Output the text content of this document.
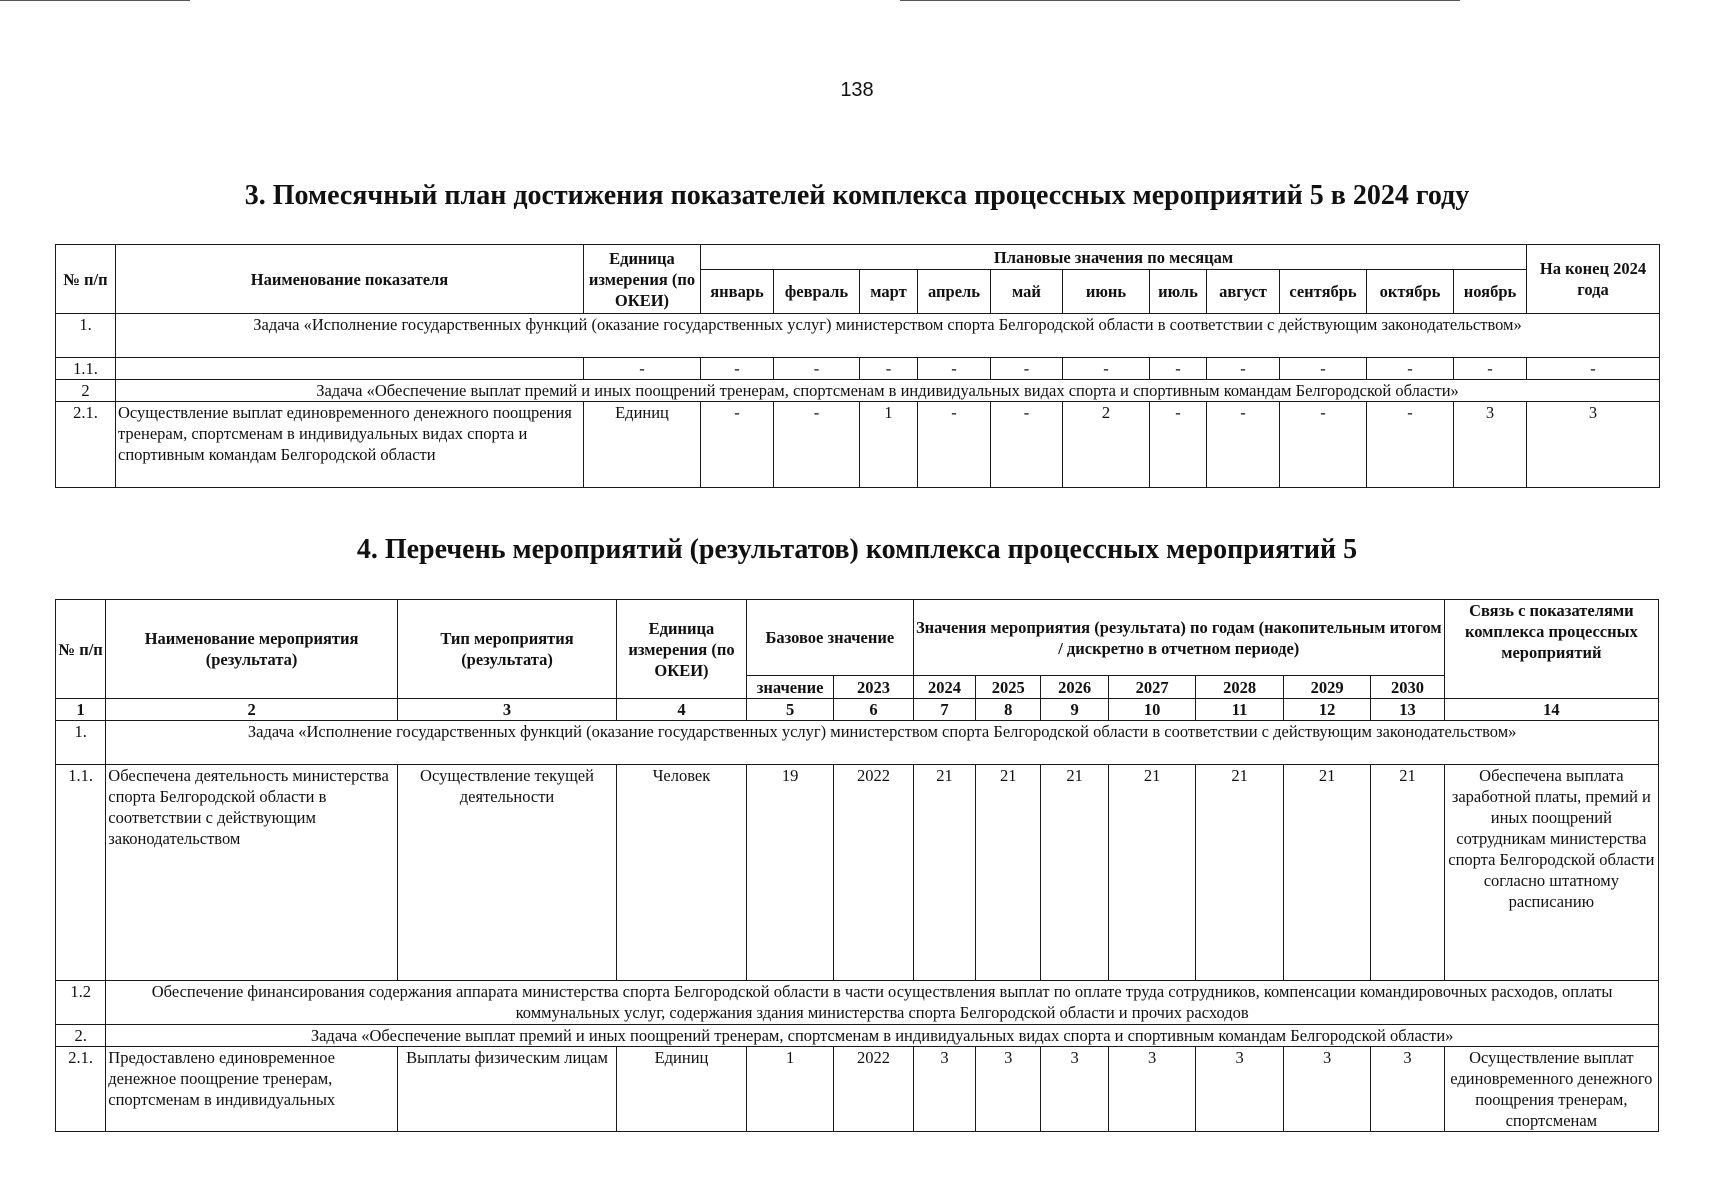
138
3. Помесячный план достижения показателей комплекса процессных мероприятий 5 в 2024 году
№ п/п	Наименование показателя	Единица измерения (по ОКЕИ)	Плановые значения по месяцам											На конец 2024 года
			январь	февраль	март	апрель	май	июнь	июль	август	сентябрь	октябрь	ноябрь	
1.	Задача «Исполнение государственных функций (оказание государственных услуг) министерством спорта Белгородской области в соответствии с действующим законодательством»													
1.1.		-	-	-	-	-	-	-	-	-	-	-	-	-
2	Задача «Обеспечение выплат премий и иных поощрений тренерам, спортсменам в индивидуальных видах спорта и спортивным командам Белгородской области»													
2.1.	Осуществление выплат единовременного денежного поощрения тренерам, спортсменам в индивидуальных видах спорта и спортивным командам Белгородской области	Единиц	-	-	1	-	-	2	-	-	-	-	3	3
4. Перечень мероприятий (результатов) комплекса процессных мероприятий 5
№ п/п	Наименование мероприятия (результата)	Тип мероприятия (результата)	Единица измерения (по ОКЕИ)	Базовое значение		Значения мероприятия (результата) по годам (накопительным итогом / дискретно в отчетном периоде)							Связь с показателями комплекса процессных мероприятий
				значение	2023	2024	2025	2026	2027	2028	2029	2030	
1	2	3	4	5	6	7	8	9	10	11	12	13	14
1.	Задача «Исполнение государственных функций (оказание государственных услуг) министерством спорта Белгородской области в соответствии с действующим законодательством»												
1.1.	Обеспечена деятельность министерства спорта Белгородской области в соответствии с действующим законодательством	Осуществление текущей деятельности	Человек	19	2022	21	21	21	21	21	21	21	Обеспечена выплата заработной платы, премий и иных поощрений сотрудникам министерства спорта Белгородской области согласно штатному расписанию
1.2	Обеспечение финансирования содержания аппарата министерства спорта Белгородской области в части осуществления выплат по оплате труда сотрудников, компенсации командировочных расходов, оплаты коммунальных услуг, содержания здания министерства спорта Белгородской области и прочих расходов												
2.	Задача «Обеспечение выплат премий и иных поощрений тренерам, спортсменам в индивидуальных видах спорта и спортивным командам Белгородской области»												
2.1.	Предоставлено единовременное денежное поощрение тренерам, спортсменам в индивидуальных	Выплаты физическим лицам	Единиц	1	2022	3	3	3	3	3	3	3	Осуществление выплат единовременного денежного поощрения тренерам, спортсменам
